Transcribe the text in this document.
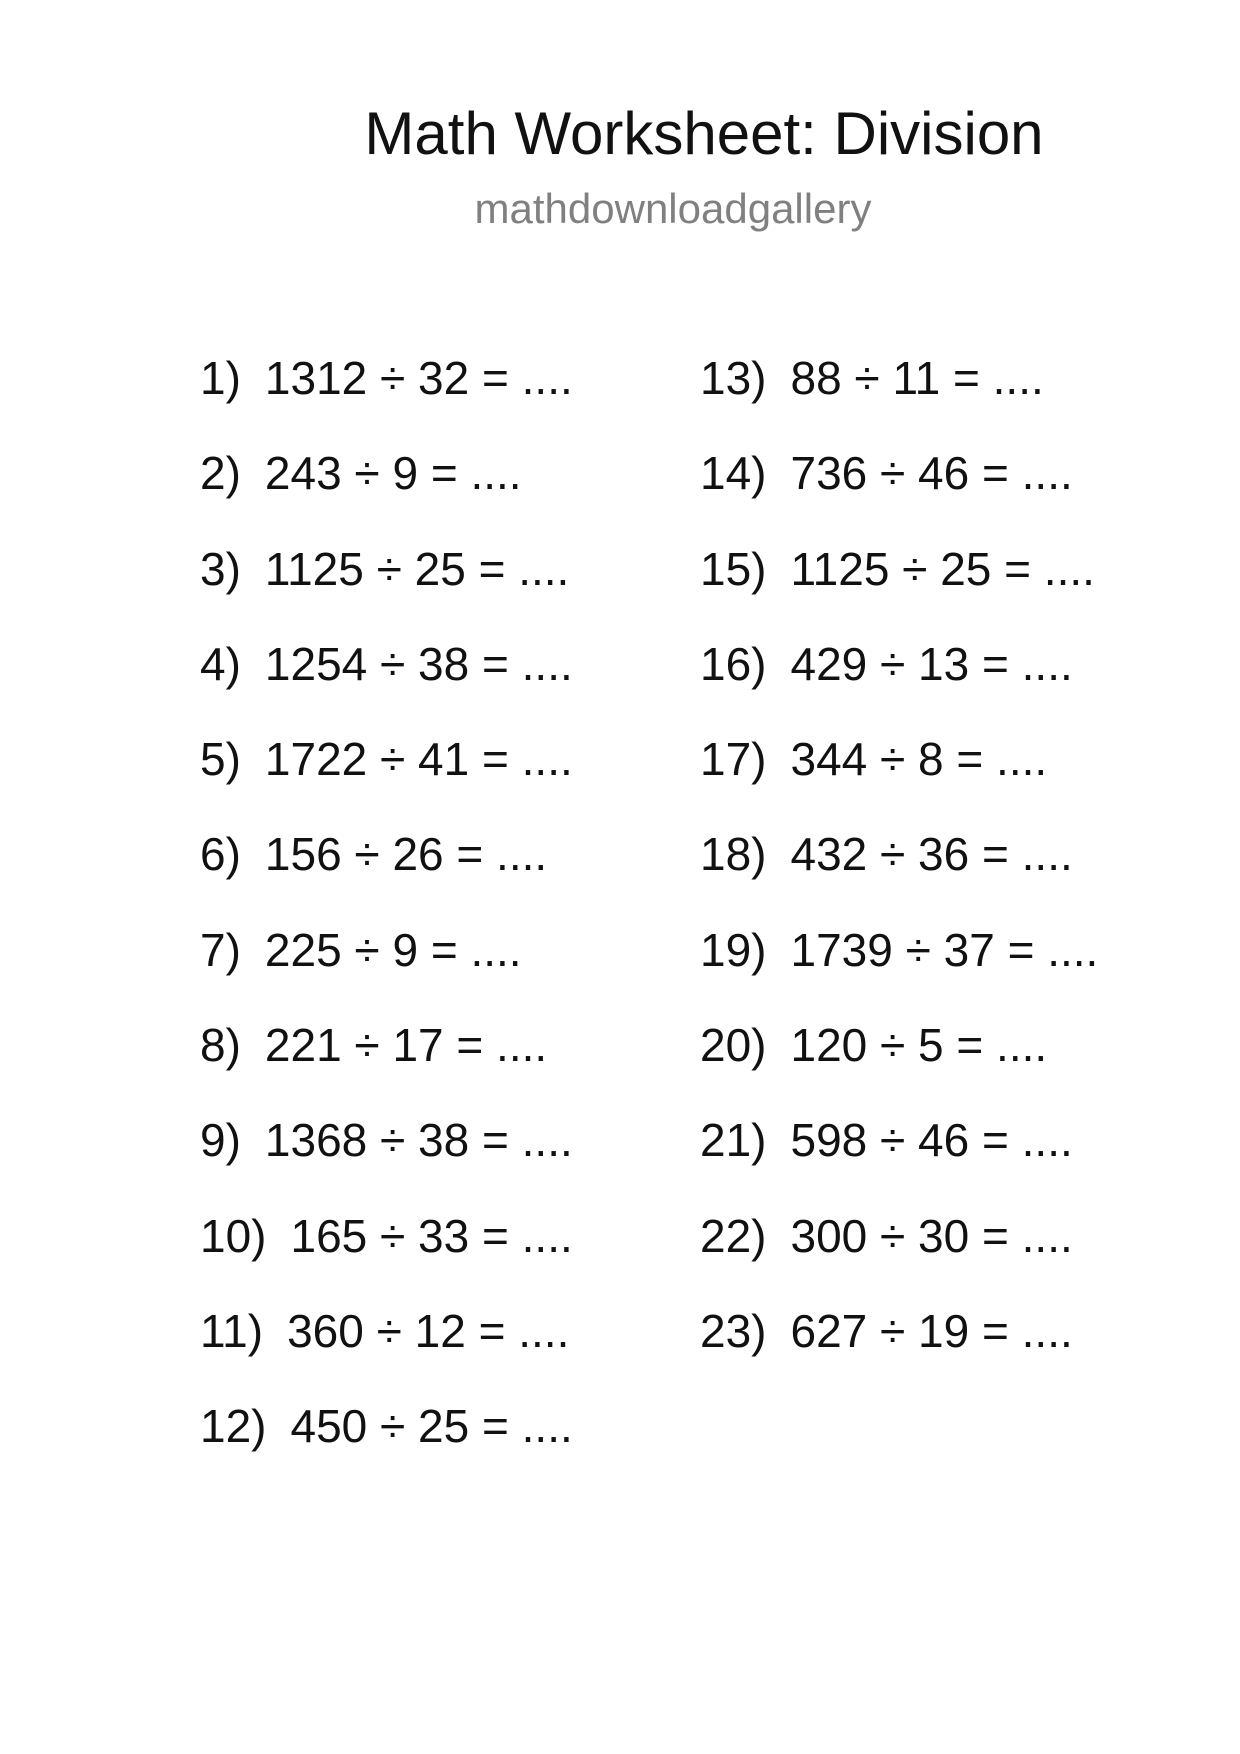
Math Worksheet: Division
mathdownloadgallery
1) 1312 ÷ 32 = ....
2) 243 ÷ 9 = ....
3) 1125 ÷ 25 = ....
4) 1254 ÷ 38 = ....
5) 1722 ÷ 41 = ....
6) 156 ÷ 26 = ....
7) 225 ÷ 9 = ....
8) 221 ÷ 17 = ....
9) 1368 ÷ 38 = ....
10) 165 ÷ 33 = ....
11) 360 ÷ 12 = ....
12) 450 ÷ 25 = ....
13) 88 ÷ 11 = ....
14) 736 ÷ 46 = ....
15) 1125 ÷ 25 = ....
16) 429 ÷ 13 = ....
17) 344 ÷ 8 = ....
18) 432 ÷ 36 = ....
19) 1739 ÷ 37 = ....
20) 120 ÷ 5 = ....
21) 598 ÷ 46 = ....
22) 300 ÷ 30 = ....
23) 627 ÷ 19 = ....
